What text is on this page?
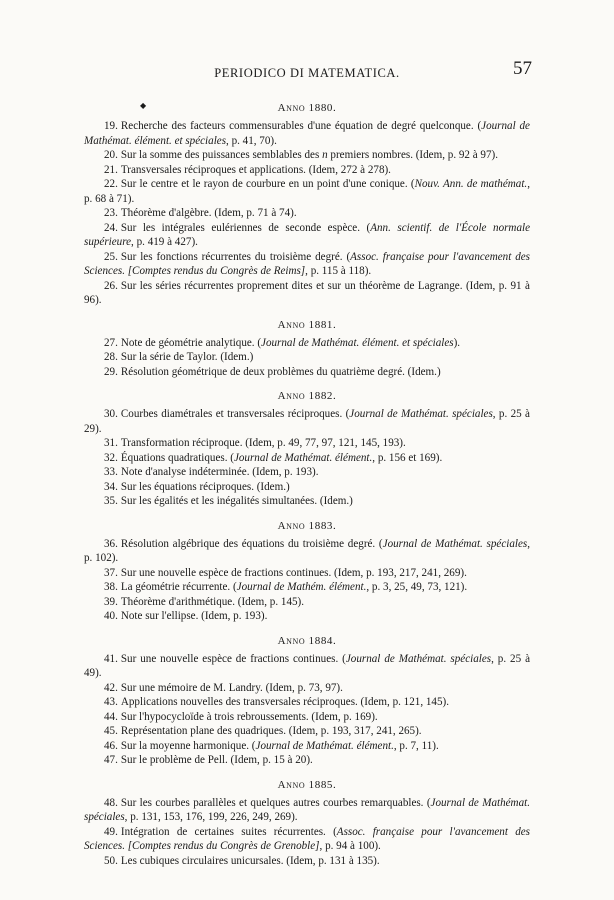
PERIODICO DI MATEMATICA.	57
◆	Anno 1880.

19. Recherche des facteurs commensurables d'une équation de degré quelconque. (Journal de Mathémat. élément. et spéciales, p. 41, 70).

20. Sur la somme des puissances semblables des n premiers nombres. (Idem, p. 92 à 97).

21. Transversales réciproques et applications. (Idem, 272 à 278).

22. Sur le centre et le rayon de courbure en un point d'une conique. (Nouv. Ann. de mathémat., p. 68 à 71).

23. Théorème d'algèbre. (Idem, p. 71 à 74).

24. Sur les intégrales eulériennes de seconde espèce. (Ann. scientif. de l'École normale supérieure, p. 419 à 427).

25. Sur les fonctions récurrentes du troisième degré. (Assoc. française pour l'avancement des Sciences. [Comptes rendus du Congrès de Reims], p. 115 à 118).

26. Sur les séries récurrentes proprement dites et sur un théorème de Lagrange. (Idem, p. 91 à 96).

Anno 1881.

27. Note de géométrie analytique. (Journal de Mathémat. élément. et spéciales).

28. Sur la série de Taylor. (Idem.)

29. Résolution géométrique de deux problèmes du quatrième degré. (Idem.)

Anno 1882.

30. Courbes diamétrales et transversales réciproques. (Journal de Mathémat. spéciales, p. 25 à 29).

31. Transformation réciproque. (Idem, p. 49, 77, 97, 121, 145, 193).

32. Équations quadratiques. (Journal de Mathémat. élément., p. 156 et 169).

33. Note d'analyse indéterminée. (Idem, p. 193).

34. Sur les équations réciproques. (Idem.)

35. Sur les égalités et les inégalités simultanées. (Idem.)

Anno 1883.

36. Résolution algébrique des équations du troisième degré. (Journal de Mathémat. spéciales, p. 102).

37. Sur une nouvelle espèce de fractions continues. (Idem, p. 193, 217, 241, 269).

38. La géométrie récurrente. (Journal de Mathém. élément., p. 3, 25, 49, 73, 121).

39. Théorème d'arithmétique. (Idem, p. 145).

40. Note sur l'ellipse. (Idem, p. 193).

Anno 1884.

41. Sur une nouvelle espèce de fractions continues. (Journal de Mathémat. spéciales, p. 25 à 49).

42. Sur une mémoire de M. Landry. (Idem, p. 73, 97).

43. Applications nouvelles des transversales réciproques. (Idem, p. 121, 145).

44. Sur l'hypocycloïde à trois rebroussements. (Idem, p. 169).

45. Représentation plane des quadriques. (Idem, p. 193, 317, 241, 265).

46. Sur la moyenne harmonique. (Journal de Mathémat. élément., p. 7, 11).

47. Sur le problème de Pell. (Idem, p. 15 à 20).

Anno 1885.

48. Sur les courbes parallèles et quelques autres courbes remarquables. (Journal de Mathémat. spéciales, p. 131, 153, 176, 199, 226, 249, 269).

49. Intégration de certaines suites récurrentes. (Assoc. française pour l'avancement des Sciences. [Comptes rendus du Congrès de Grenoble], p. 94 à 100).

50. Les cubiques circulaires unicursales. (Idem, p. 131 à 135).
